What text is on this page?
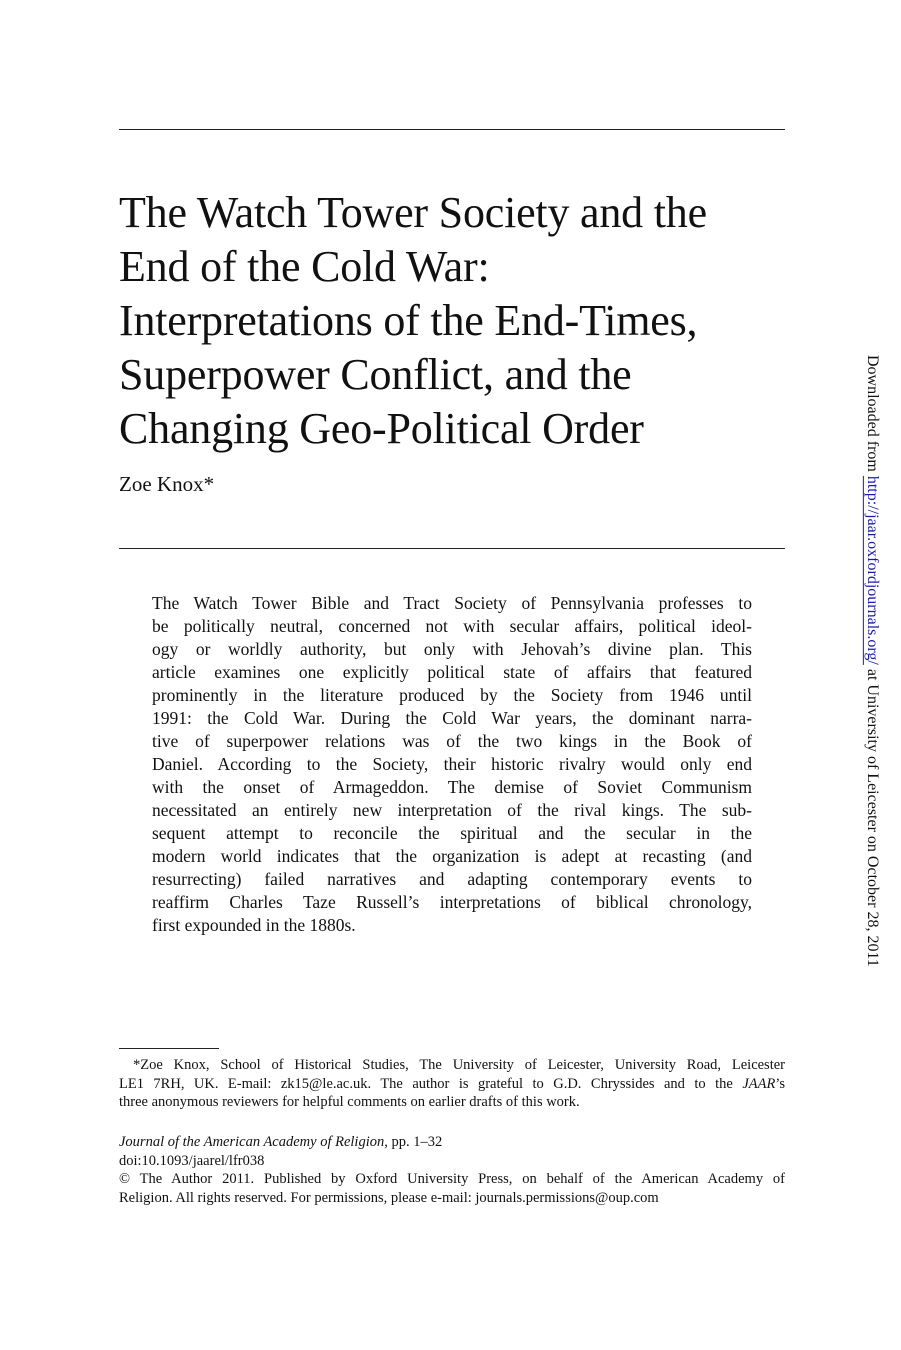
The Watch Tower Society and the
End of the Cold War:
Interpretations of the End-Times,
Superpower Conflict, and the
Changing Geo-Political Order

Zoe Knox*

The Watch Tower Bible and Tract Society of Pennsylvania professes to
be politically neutral, concerned not with secular affairs, political ideol-
ogy or worldly authority, but only with Jehovah’s divine plan. This
article examines one explicitly political state of affairs that featured
prominently in the literature produced by the Society from 1946 until
1991: the Cold War. During the Cold War years, the dominant narra-
tive of superpower relations was of the two kings in the Book of
Daniel. According to the Society, their historic rivalry would only end
with the onset of Armageddon. The demise of Soviet Communism
necessitated an entirely new interpretation of the rival kings. The sub-
sequent attempt to reconcile the spiritual and the secular in the
modern world indicates that the organization is adept at recasting (and
resurrecting) failed narratives and adapting contemporary events to
reaffirm Charles Taze Russell’s interpretations of biblical chronology,
first expounded in the 1880s.
*Zoe Knox, School of Historical Studies, The University of Leicester, University Road, Leicester
LE1 7RH, UK. E-mail: zk15@le.ac.uk. The author is grateful to G.D. Chryssides and to the JAAR’s
three anonymous reviewers for helpful comments on earlier drafts of this work.
Journal of the American Academy of Religion, pp. 1–32
doi:10.1093/jaarel/lfr038
© The Author 2011. Published by Oxford University Press, on behalf of the American Academy of
Religion. All rights reserved. For permissions, please e-mail: journals.permissions@oup.com
Downloaded from http://jaar.oxfordjournals.org/ at University of Leicester on October 28, 2011
